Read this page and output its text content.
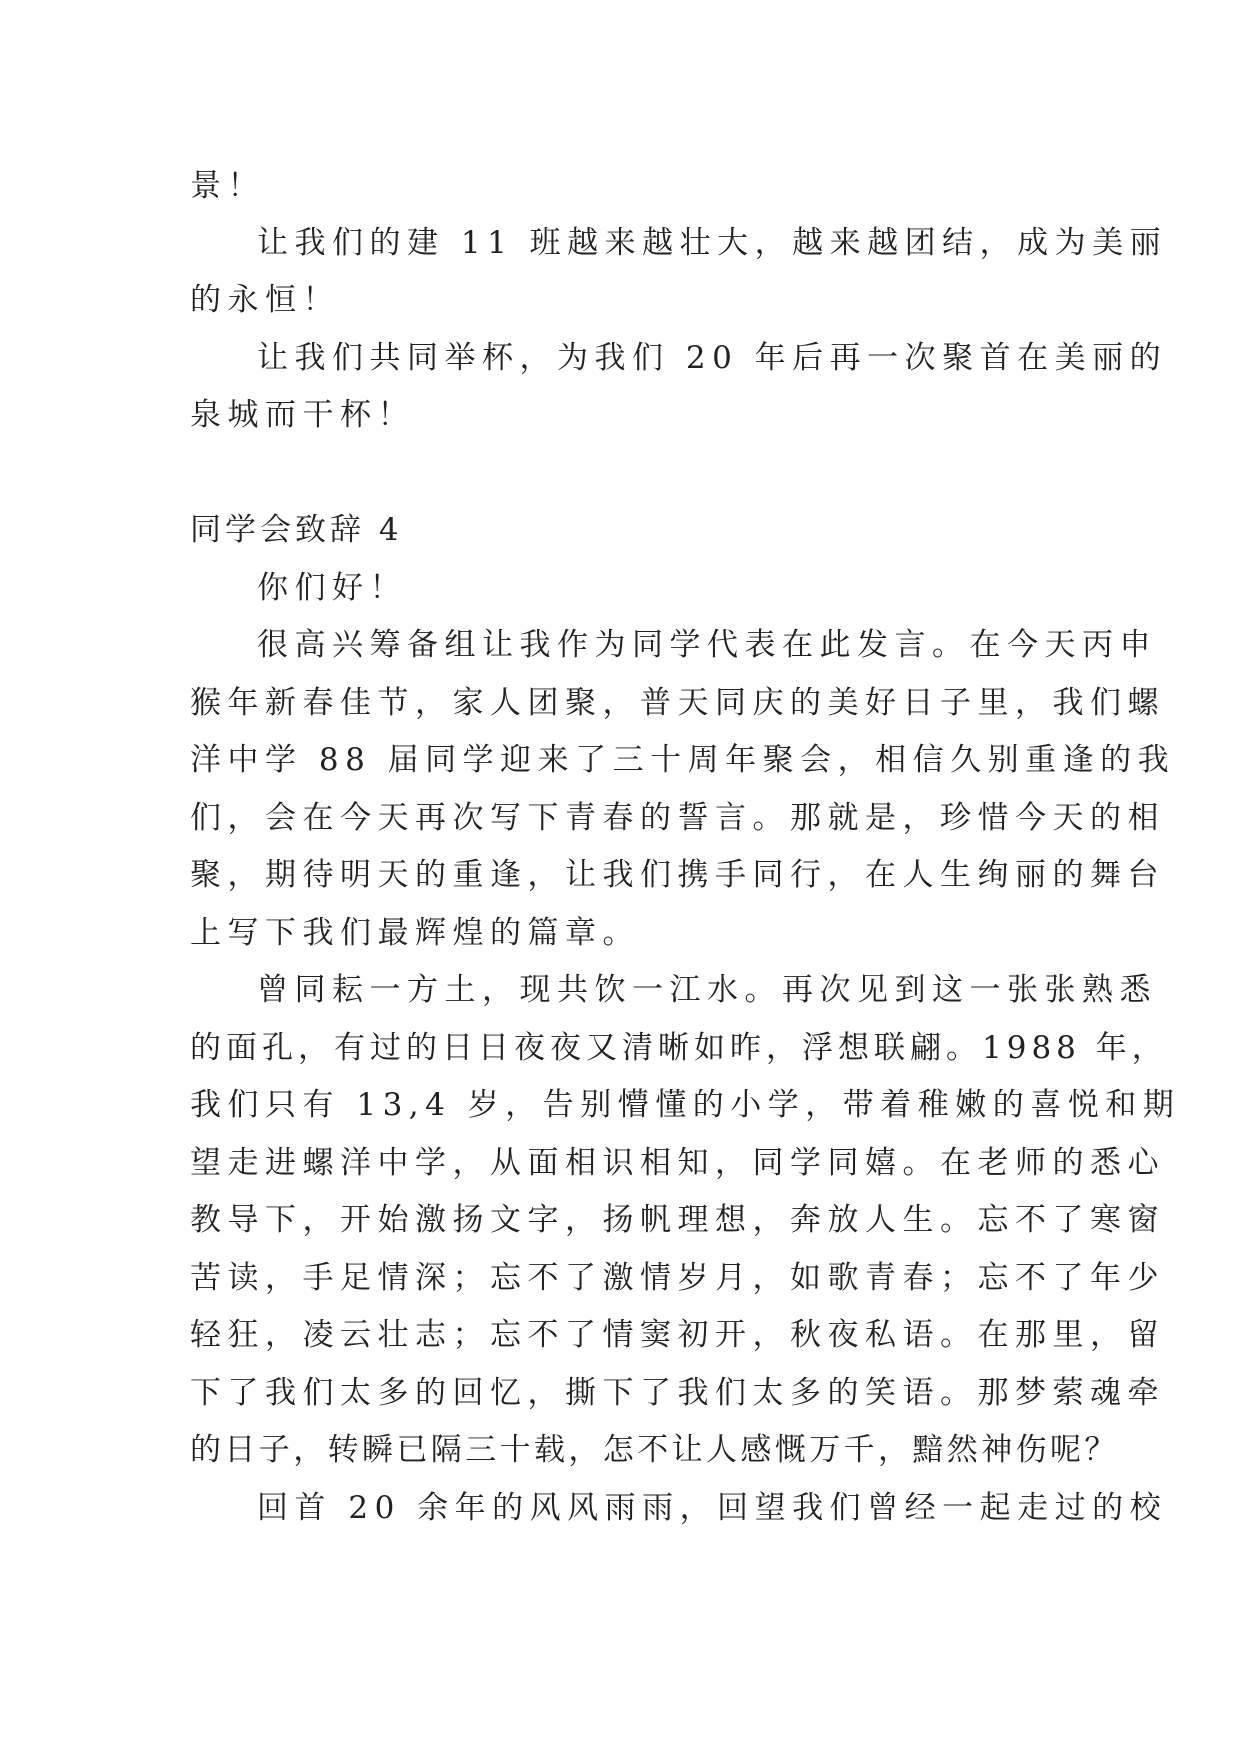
景！

让我们的建 11 班越来越壮大，越来越团结，成为美丽

的永恒！

让我们共同举杯，为我们 20 年后再一次聚首在美丽的

泉城而干杯！

同学会致辞 4

你们好！

很高兴筹备组让我作为同学代表在此发言。在今天丙申

猴年新春佳节，家人团聚，普天同庆的美好日子里，我们螺

洋中学 88 届同学迎来了三十周年聚会，相信久别重逢的我

们，会在今天再次写下青春的誓言。那就是，珍惜今天的相

聚，期待明天的重逢，让我们携手同行，在人生绚丽的舞台

上写下我们最辉煌的篇章。

曾同耘一方土，现共饮一江水。再次见到这一张张熟悉

的面孔，有过的日日夜夜又清晰如昨，浮想联翩。1988 年，

我们只有 13,4 岁，告别懵懂的小学，带着稚嫩的喜悦和期

望走进螺洋中学，从面相识相知，同学同嬉。在老师的悉心

教导下，开始激扬文字，扬帆理想，奔放人生。忘不了寒窗

苦读，手足情深；忘不了激情岁月，如歌青春；忘不了年少

轻狂，凌云壮志；忘不了情窦初开，秋夜私语。在那里，留

下了我们太多的回忆，撕下了我们太多的笑语。那梦萦魂牵

的日子，转瞬已隔三十载，怎不让人感慨万千，黯然神伤呢？

回首 20 余年的风风雨雨，回望我们曾经一起走过的校
